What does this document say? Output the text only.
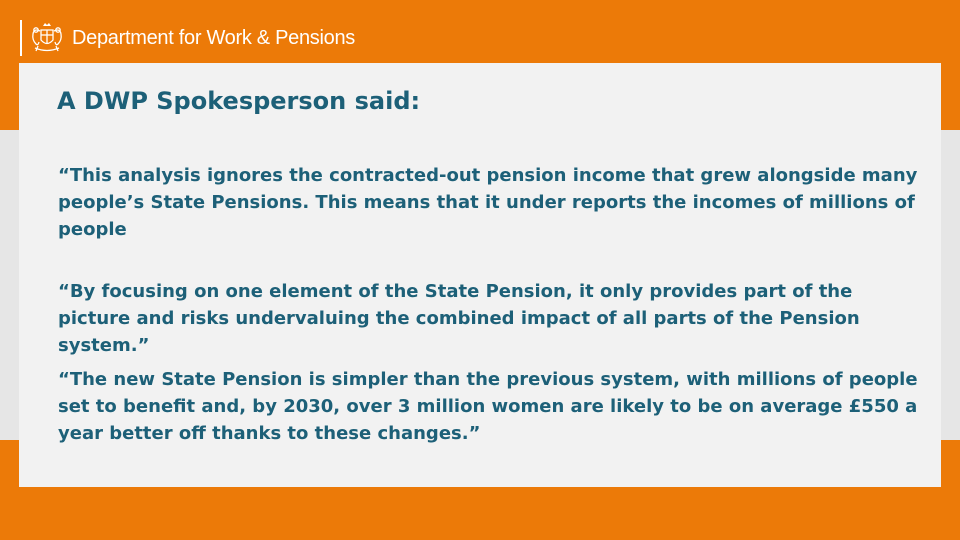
Department for Work & Pensions
A DWP Spokesperson said:

“This analysis ignores the contracted-out pension income that grew alongside many people’s State Pensions. This means that it under reports the incomes of millions of people

“By focusing on one element of the State Pension, it only provides part of the picture and risks undervaluing the combined impact of all parts of the Pension system.”

“The new State Pension is simpler than the previous system, with millions of people set to benefit and, by 2030, over 3 million women are likely to be on average £550 a year better off thanks to these changes.”
